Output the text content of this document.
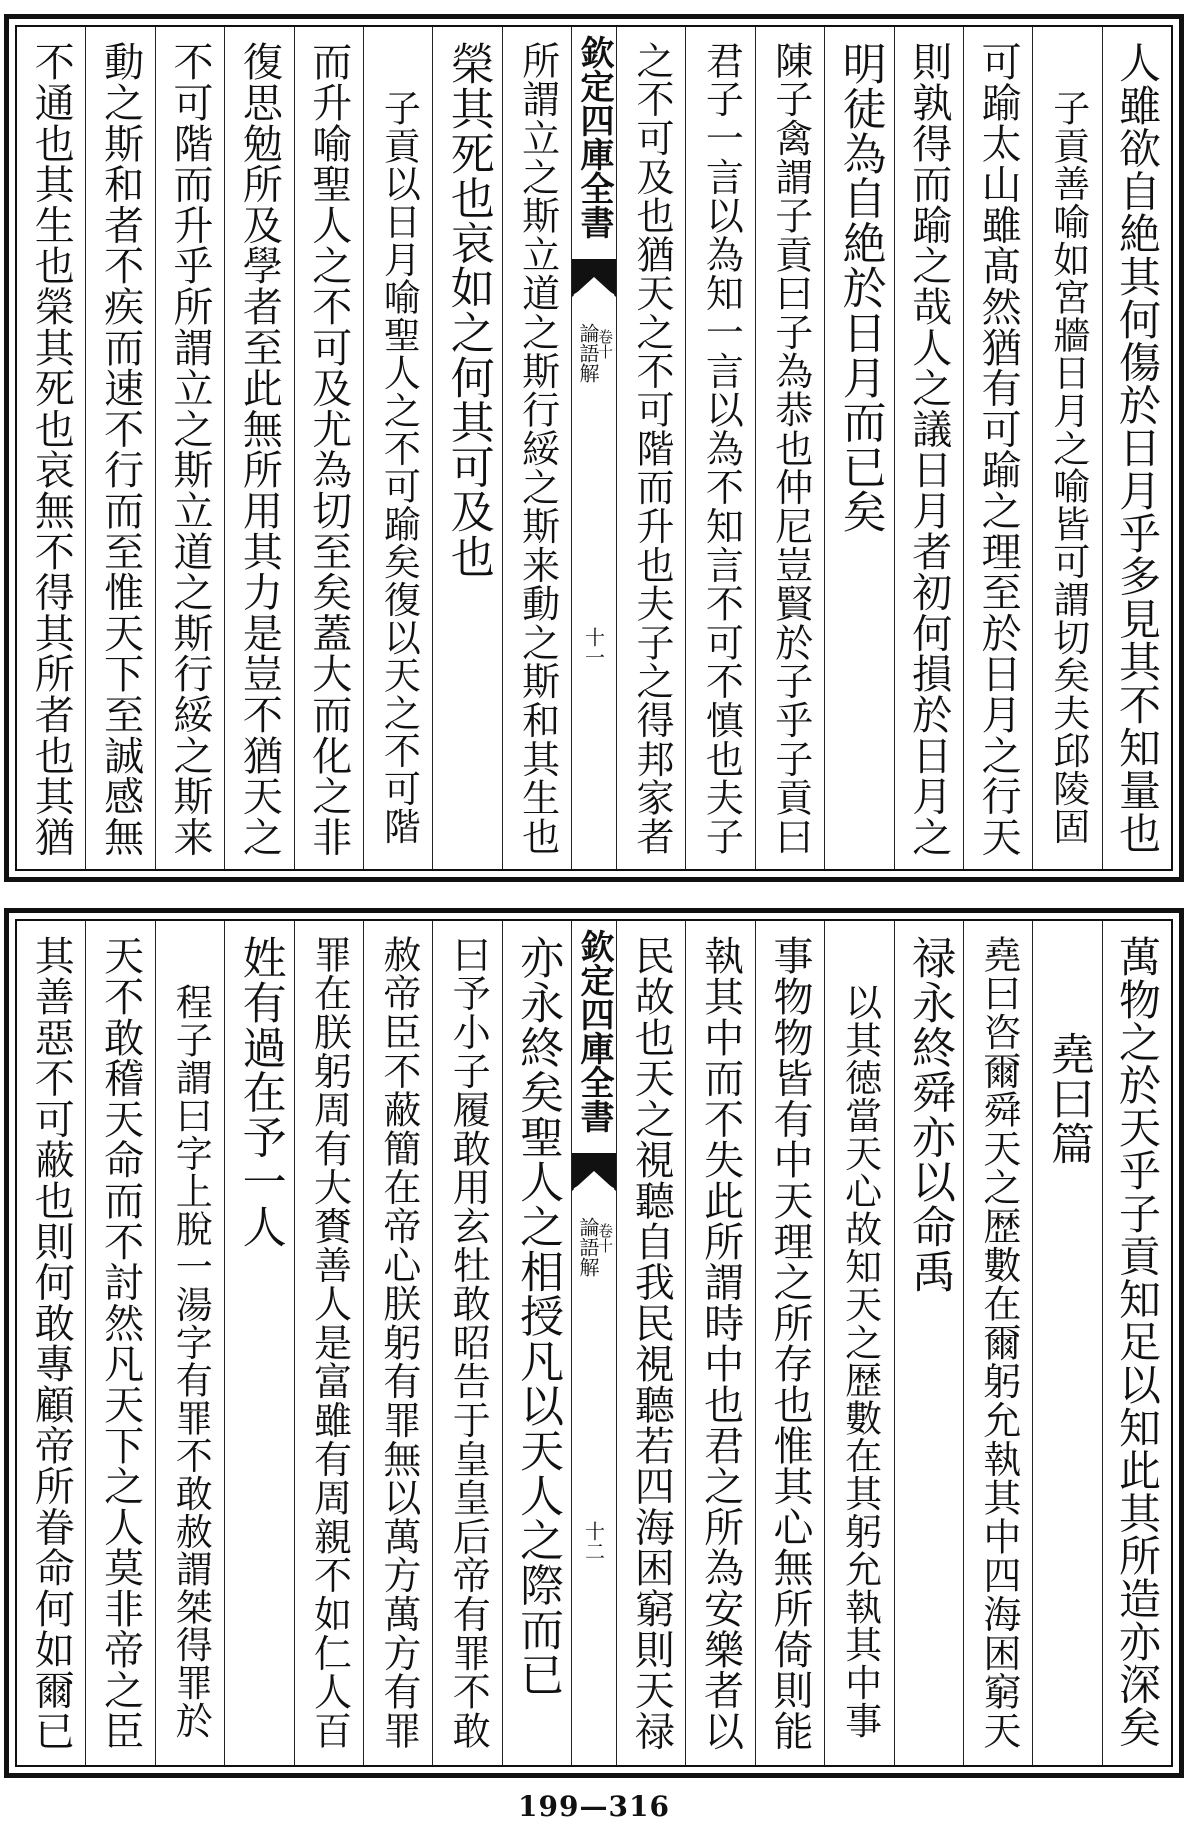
人雖欲自絶其何傷於日月乎多見其不知量也
子貢善喻如宮牆日月之喻皆可謂切矣夫邱陵固
可踰太山雖髙然猶有可踰之理至於日月之行天
則孰得而踰之哉人之議日月者初何損於日月之
明徒為自絶於日月而已矣
陳子禽謂子貢曰子為恭也仲尼豈賢於子乎子貢曰
君子一言以為知一言以為不知言不可不慎也夫子
之不可及也猶天之不可階而升也夫子之得邦家者
欽定四庫全書
論語解
卷十
十一
所謂立之斯立道之斯行綏之斯来動之斯和其生也
榮其死也哀如之何其可及也
子貢以日月喻聖人之不可踰矣復以天之不可階
而升喻聖人之不可及尤為切至矣蓋大而化之非
復思勉所及學者至此無所用其力是豈不猶天之
不可階而升乎所謂立之斯立道之斯行綏之斯来
動之斯和者不疾而速不行而至惟天下至誠感無
不通也其生也榮其死也哀無不得其所者也其猶
萬物之於天乎子貢知足以知此其所造亦深矣
堯曰篇
堯曰咨爾舜天之歴數在爾躬允執其中四海困窮天
禄永終舜亦以命禹
以其徳當天心故知天之歴數在其躬允執其中事
事物物皆有中天理之所存也惟其心無所倚則能
執其中而不失此所謂時中也君之所為安樂者以
民故也天之視聽自我民視聽若四海困窮則天禄
欽定四庫全書
論語解
卷十
十二
亦永終矣聖人之相授凡以天人之際而已
曰予小子履敢用玄牡敢昭告于皇皇后帝有罪不敢
赦帝臣不蔽簡在帝心朕躬有罪無以萬方萬方有罪
罪在朕躬周有大賚善人是富雖有周親不如仁人百
姓有過在予一人
程子謂曰字上脫一湯字有罪不敢赦謂桀得罪於
天不敢稽天命而不討然凡天下之人莫非帝之臣
其善惡不可蔽也則何敢專顧帝所眷命何如爾已
199—316
